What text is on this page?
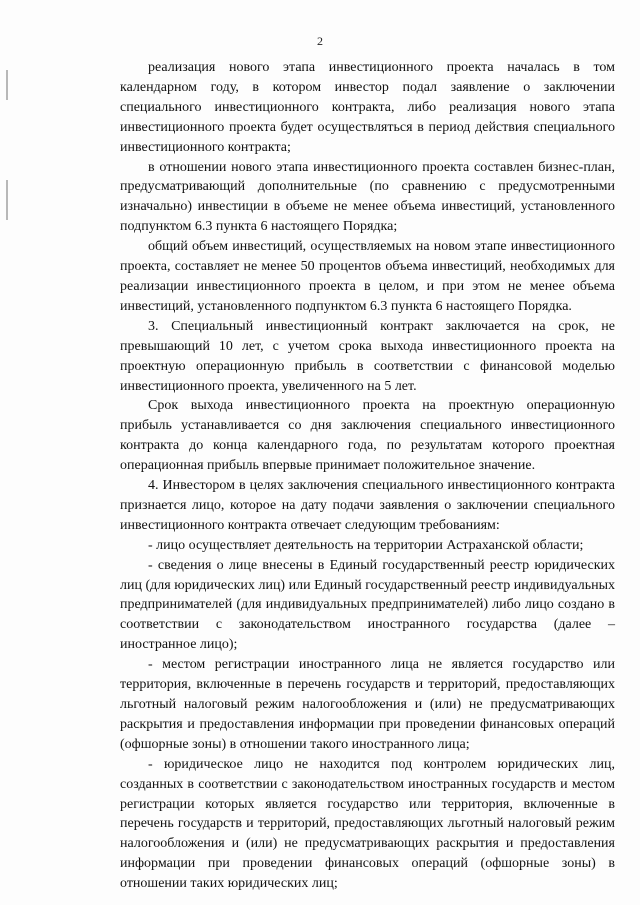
2

реализация нового этапа инвестиционного проекта началась в том календарном году, в котором инвестор подал заявление о заключении специального инвестиционного контракта, либо реализация нового этапа инвестиционного проекта будет осуществляться в период действия специального инвестиционного контракта;

в отношении нового этапа инвестиционного проекта составлен бизнес-план, предусматривающий дополнительные (по сравнению с предусмотренными изначально) инвестиции в объеме не менее объема инвестиций, установленного подпунктом 6.3 пункта 6 настоящего Порядка;

общий объем инвестиций, осуществляемых на новом этапе инвестиционного проекта, составляет не менее 50 процентов объема инвестиций, необходимых для реализации инвестиционного проекта в целом, и при этом не менее объема инвестиций, установленного подпунктом 6.3 пункта 6 настоящего Порядка.

3. Специальный инвестиционный контракт заключается на срок, не превышающий 10 лет, с учетом срока выхода инвестиционного проекта на проектную операционную прибыль в соответствии с финансовой моделью инвестиционного проекта, увеличенного на 5 лет.

Срок выхода инвестиционного проекта на проектную операционную прибыль устанавливается со дня заключения специального инвестиционного контракта до конца календарного года, по результатам которого проектная операционная прибыль впервые принимает положительное значение.

4. Инвестором в целях заключения специального инвестиционного контракта признается лицо, которое на дату подачи заявления о заключении специального инвестиционного контракта отвечает следующим требованиям:

- лицо осуществляет деятельность на территории Астраханской области;

- сведения о лице внесены в Единый государственный реестр юридических лиц (для юридических лиц) или Единый государственный реестр индивидуальных предпринимателей (для индивидуальных предпринимателей) либо лицо создано в соответствии с законодательством иностранного государства (далее – иностранное лицо);

- местом регистрации иностранного лица не является государство или территория, включенные в перечень государств и территорий, предоставляющих льготный налоговый режим налогообложения и (или) не предусматривающих раскрытия и предоставления информации при проведении финансовых операций (офшорные зоны) в отношении такого иностранного лица;

- юридическое лицо не находится под контролем юридических лиц, созданных в соответствии с законодательством иностранных государств и местом регистрации которых является государство или территория, включенные в перечень государств и территорий, предоставляющих льготный налоговый режим налогообложения и (или) не предусматривающих раскрытия и предоставления информации при проведении финансовых операций (офшорные зоны) в отношении таких юридических лиц;
